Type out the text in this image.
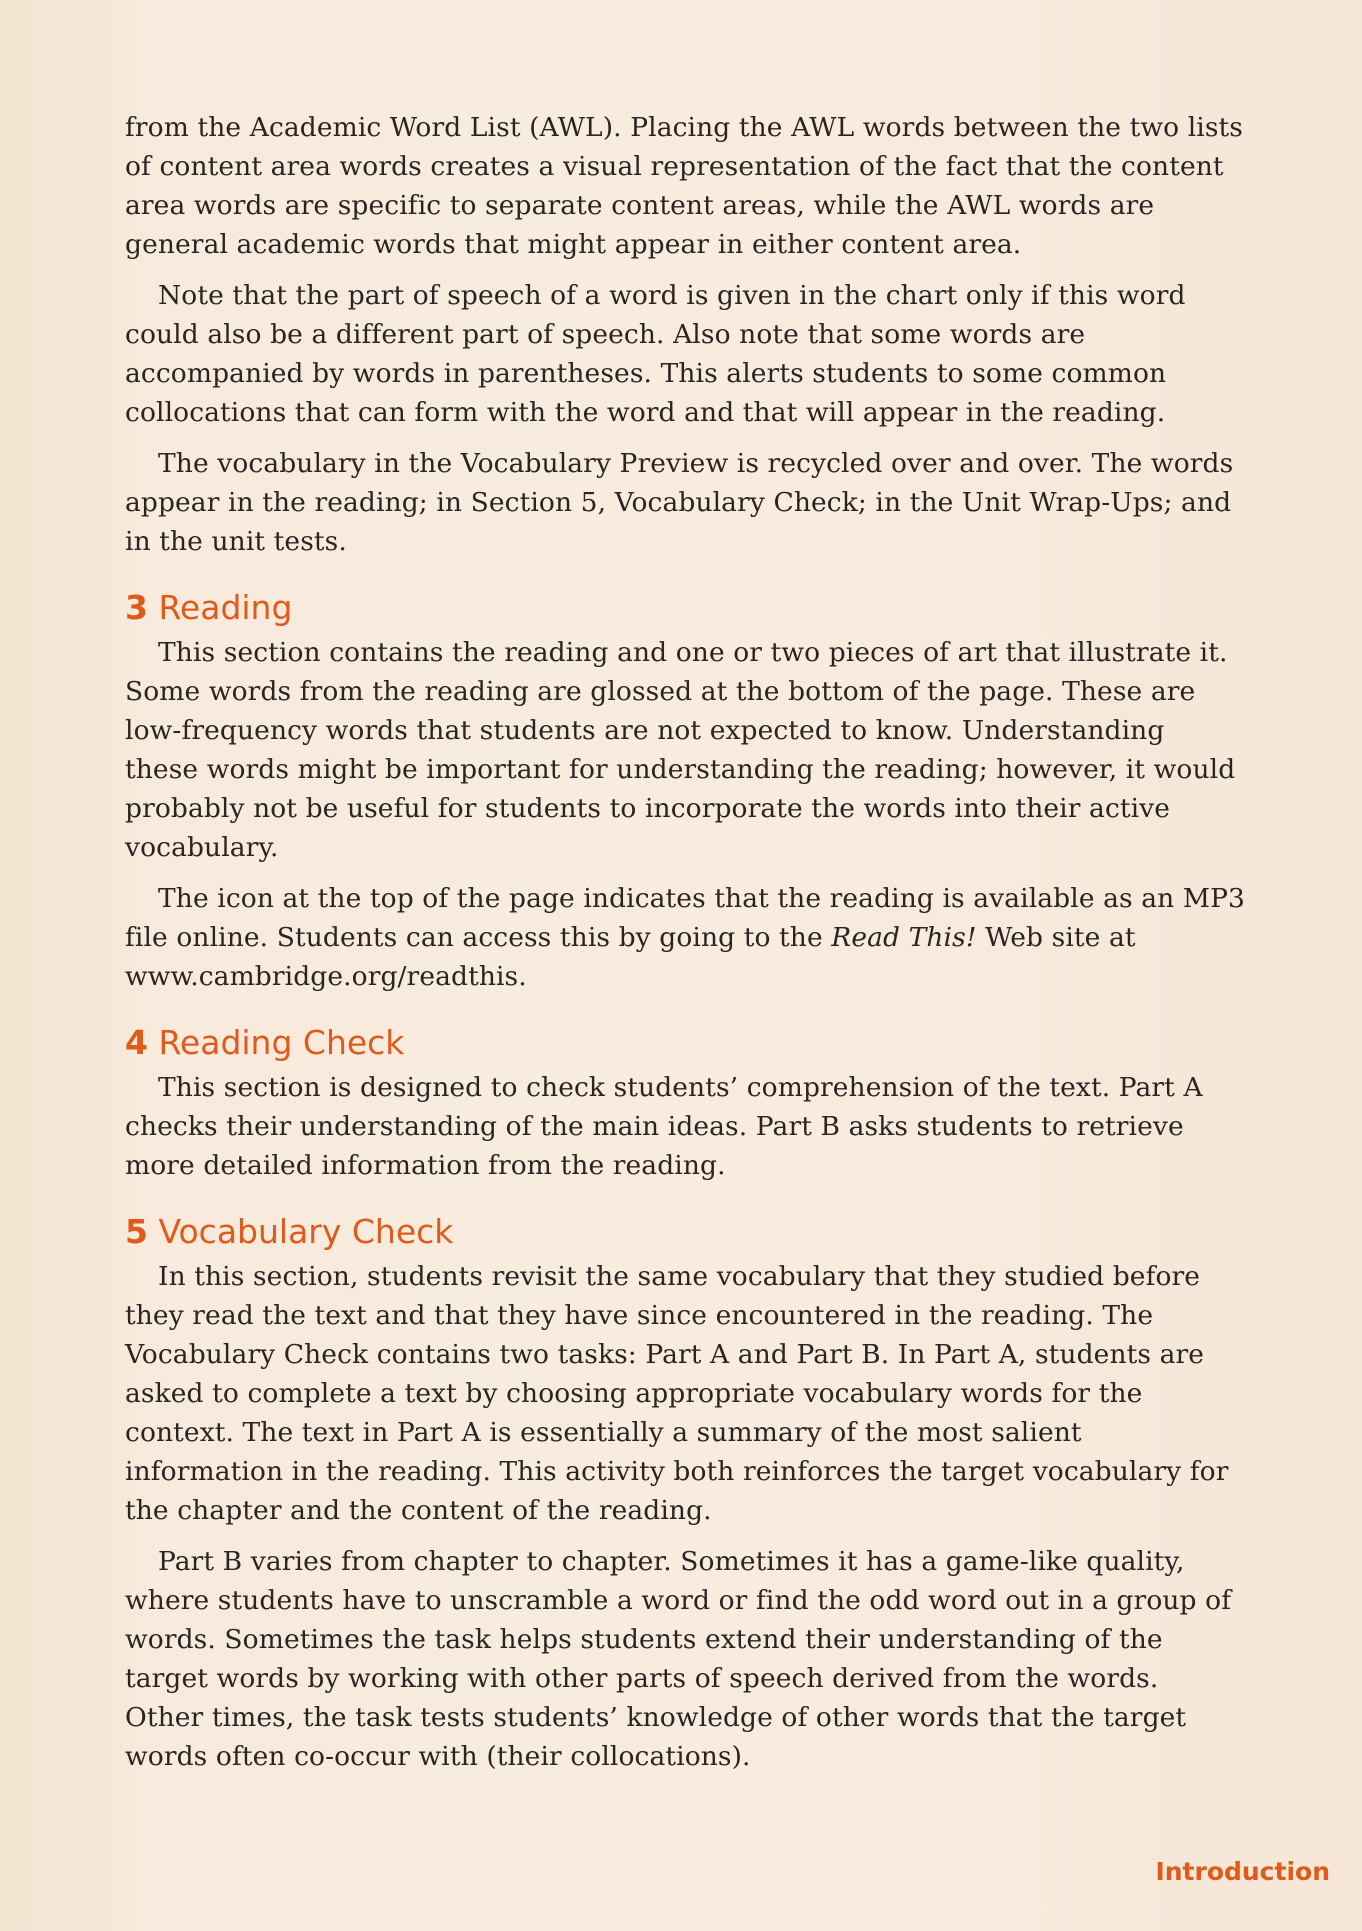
from the Academic Word List (AWL). Placing the AWL words between the two lists of content area words creates a visual representation of the fact that the content area words are specific to separate content areas, while the AWL words are general academic words that might appear in either content area.

Note that the part of speech of a word is given in the chart only if this word could also be a different part of speech. Also note that some words are accompanied by words in parentheses. This alerts students to some common collocations that can form with the word and that will appear in the reading.

The vocabulary in the Vocabulary Preview is recycled over and over. The words appear in the reading; in Section 5, Vocabulary Check; in the Unit Wrap-Ups; and in the unit tests.

3 Reading

This section contains the reading and one or two pieces of art that illustrate it. Some words from the reading are glossed at the bottom of the page. These are low-frequency words that students are not expected to know. Understanding these words might be important for understanding the reading; however, it would probably not be useful for students to incorporate the words into their active vocabulary.

The icon at the top of the page indicates that the reading is available as an MP3 file online. Students can access this by going to the Read This! Web site at www.cambridge.org/readthis.

4 Reading Check

This section is designed to check students’ comprehension of the text. Part A checks their understanding of the main ideas. Part B asks students to retrieve more detailed information from the reading.

5 Vocabulary Check

In this section, students revisit the same vocabulary that they studied before they read the text and that they have since encountered in the reading. The Vocabulary Check contains two tasks: Part A and Part B. In Part A, students are asked to complete a text by choosing appropriate vocabulary words for the context. The text in Part A is essentially a summary of the most salient information in the reading. This activity both reinforces the target vocabulary for the chapter and the content of the reading.

Part B varies from chapter to chapter. Sometimes it has a game-like quality, where students have to unscramble a word or find the odd word out in a group of words. Sometimes the task helps students extend their understanding of the target words by working with other parts of speech derived from the words. Other times, the task tests students’ knowledge of other words that the target words often co-occur with (their collocations).

Introduction
